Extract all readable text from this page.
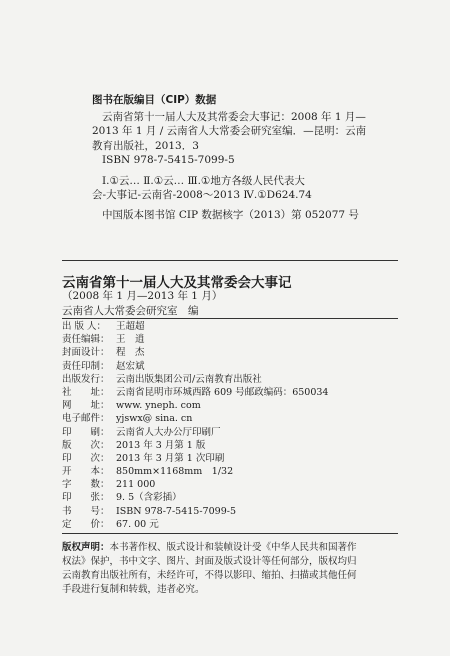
图书在版编目（CIP）数据
云南省第十一届人大及其常委会大事记：2008 年 1 月—
2013 年 1 月 / 云南省人大常委会研究室编．—昆明：云南
教育出版社，2013．3
ISBN 978-7-5415-7099-5
Ⅰ.①云… Ⅱ.①云… Ⅲ.①地方各级人民代表大
会-大事记-云南省-2008～2013 Ⅳ.①D624.74
中国版本图书馆 CIP 数据核字（2013）第 052077 号
云南省第十一届人大及其常委会大事记
（2008 年 1 月—2013 年 1 月）
云南省人大常委会研究室　编
出 版 人： 王超超
责任编辑： 王　逍
封面设计： 程　杰
责任印制： 赵宏斌
出版发行： 云南出版集团公司/云南教育出版社
社　　址： 云南省昆明市环城西路 609 号邮政编码：650034
网　　址： www. yneph. com
电子邮件： yjswx@ sina. cn
印　　刷： 云南省人大办公厅印刷厂
版　　次： 2013 年 3 月第 1 版
印　　次： 2013 年 3 月第 1 次印刷
开　　本： 850mm×1168mm　1/32
字　　数： 211 000
印　　张： 9. 5（含彩插）
书　　号： ISBN 978-7-5415-7099-5
定　　价： 67. 00 元
版权声明：本书著作权、版式设计和装帧设计受《中华人民共和国著作
权法》保护，书中文字、图片、封面及版式设计等任何部分，版权均归
云南教育出版社所有，未经许可，不得以影印、缩拍、扫描或其他任何
手段进行复制和转载，违者必究。
